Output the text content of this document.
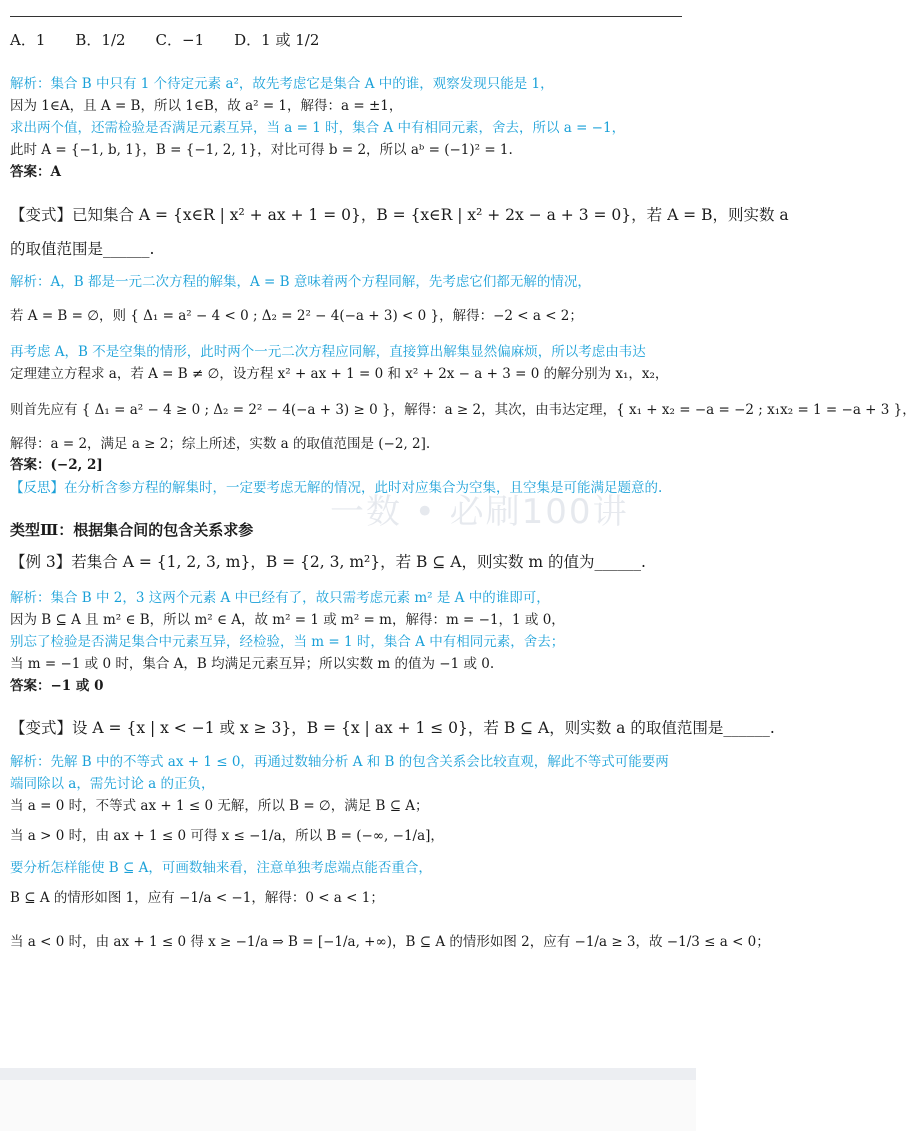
一数 • 必刷100讲
A．1　　B．1/2　　C．−1　　D．1 或 1/2
解析：集合 B 中只有 1 个待定元素 a²，故先考虑它是集合 A 中的谁，观察发现只能是 1，
因为 1∈A，且 A = B，所以 1∈B，故 a² = 1，解得：a = ±1，
求出两个值，还需检验是否满足元素互异，当 a = 1 时，集合 A 中有相同元素，舍去，所以 a = −1，
此时 A = {−1, b, 1}，B = {−1, 2, 1}，对比可得 b = 2，所以 aᵇ = (−1)² = 1.
答案：A
【变式】已知集合 A = {x∈R | x² + ax + 1 = 0}，B = {x∈R | x² + 2x − a + 3 = 0}，若 A = B，则实数 a
的取值范围是______.
解析：A，B 都是一元二次方程的解集，A = B 意味着两个方程同解，先考虑它们都无解的情况，
若 A = B = ∅，则 { Δ₁ = a² − 4 < 0 ; Δ₂ = 2² − 4(−a + 3) < 0 }，解得：−2 < a < 2；
再考虑 A，B 不是空集的情形，此时两个一元二次方程应同解，直接算出解集显然偏麻烦，所以考虑由韦达
定理建立方程求 a，若 A = B ≠ ∅，设方程 x² + ax + 1 = 0 和 x² + 2x − a + 3 = 0 的解分别为 x₁，x₂，
则首先应有 { Δ₁ = a² − 4 ≥ 0 ; Δ₂ = 2² − 4(−a + 3) ≥ 0 }，解得：a ≥ 2，其次，由韦达定理，{ x₁ + x₂ = −a = −2 ; x₁x₂ = 1 = −a + 3 }，
解得：a = 2，满足 a ≥ 2；综上所述，实数 a 的取值范围是 (−2, 2].
答案：(−2, 2]
【反思】在分析含参方程的解集时，一定要考虑无解的情况，此时对应集合为空集，且空集是可能满足题意的.
类型Ⅲ：根据集合间的包含关系求参
【例 3】若集合 A = {1, 2, 3, m}，B = {2, 3, m²}，若 B ⊆ A，则实数 m 的值为______.
解析：集合 B 中 2，3 这两个元素 A 中已经有了，故只需考虑元素 m² 是 A 中的谁即可，
因为 B ⊆ A 且 m² ∈ B，所以 m² ∈ A，故 m² = 1 或 m² = m，解得：m = −1，1 或 0，
别忘了检验是否满足集合中元素互异，经检验，当 m = 1 时，集合 A 中有相同元素，舍去；
当 m = −1 或 0 时，集合 A，B 均满足元素互异；所以实数 m 的值为 −1 或 0.
答案：−1 或 0
【变式】设 A = {x | x < −1 或 x ≥ 3}，B = {x | ax + 1 ≤ 0}，若 B ⊆ A，则实数 a 的取值范围是______.
解析：先解 B 中的不等式 ax + 1 ≤ 0，再通过数轴分析 A 和 B 的包含关系会比较直观，解此不等式可能要两
端同除以 a，需先讨论 a 的正负，
当 a = 0 时，不等式 ax + 1 ≤ 0 无解，所以 B = ∅，满足 B ⊆ A；
当 a > 0 时，由 ax + 1 ≤ 0 可得 x ≤ −1/a，所以 B = (−∞, −1/a]，
要分析怎样能使 B ⊆ A，可画数轴来看，注意单独考虑端点能否重合，
B ⊆ A 的情形如图 1，应有 −1/a < −1，解得：0 < a < 1；
当 a < 0 时，由 ax + 1 ≤ 0 得 x ≥ −1/a ⇒ B = [−1/a, +∞)，B ⊆ A 的情形如图 2，应有 −1/a ≥ 3，故 −1/3 ≤ a < 0；
